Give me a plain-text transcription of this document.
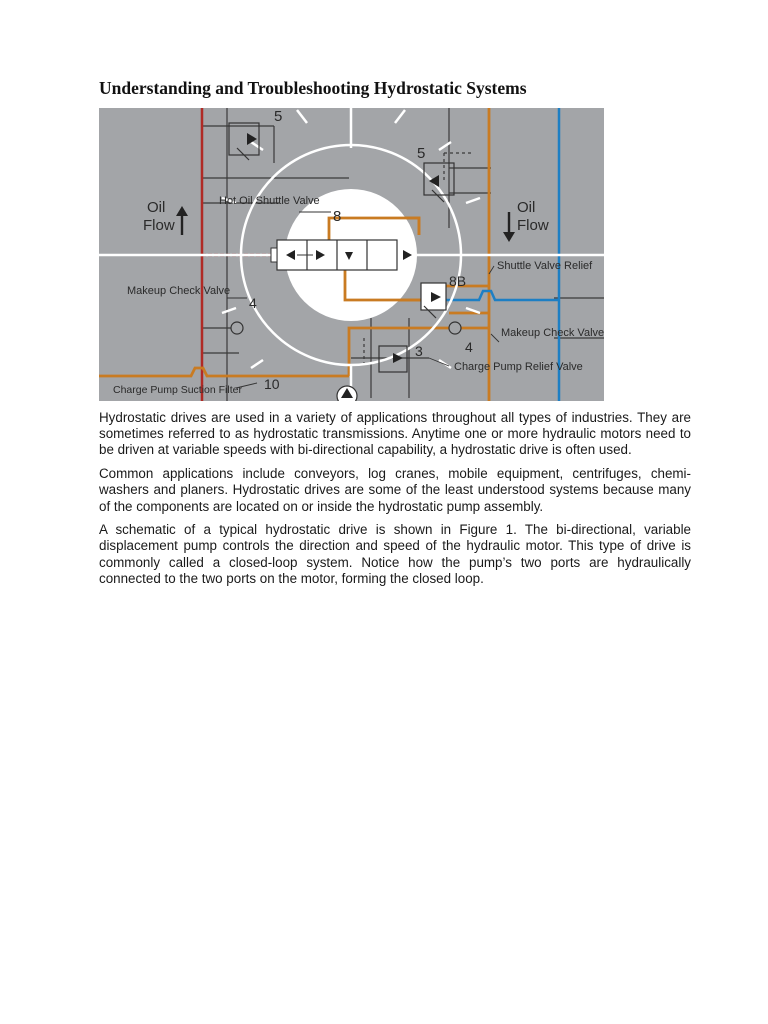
Understanding and Troubleshooting Hydrostatic Systems
Oil
Flow
Oil
Flow
Hot Oil Shuttle Valve
Makeup Check Valve
Charge Pump Suction Filter
Shuttle Valve Relief
Makeup Check Valve
Charge Pump Relief Valve
5
5
8
8B
4
4
3
10

Hydrostatic drives are used in a variety of applications throughout all types of industries. They are sometimes referred to as hydrostatic transmissions. Anytime one or more hydraulic motors need to be driven at variable speeds with bi-directional capability, a hydrostatic drive is often used.

Common applications include conveyors, log cranes, mobile equipment, centrifuges, chemi-washers and planers. Hydrostatic drives are some of the least understood systems because many of the components are located on or inside the hydrostatic pump assembly.

A schematic of a typical hydrostatic drive is shown in Figure 1. The bi-directional, variable displacement pump controls the direction and speed of the hydraulic motor. This type of drive is commonly called a closed-loop system. Notice how the pump’s two ports are hydraulically connected to the two ports on the motor, forming the closed loop.
